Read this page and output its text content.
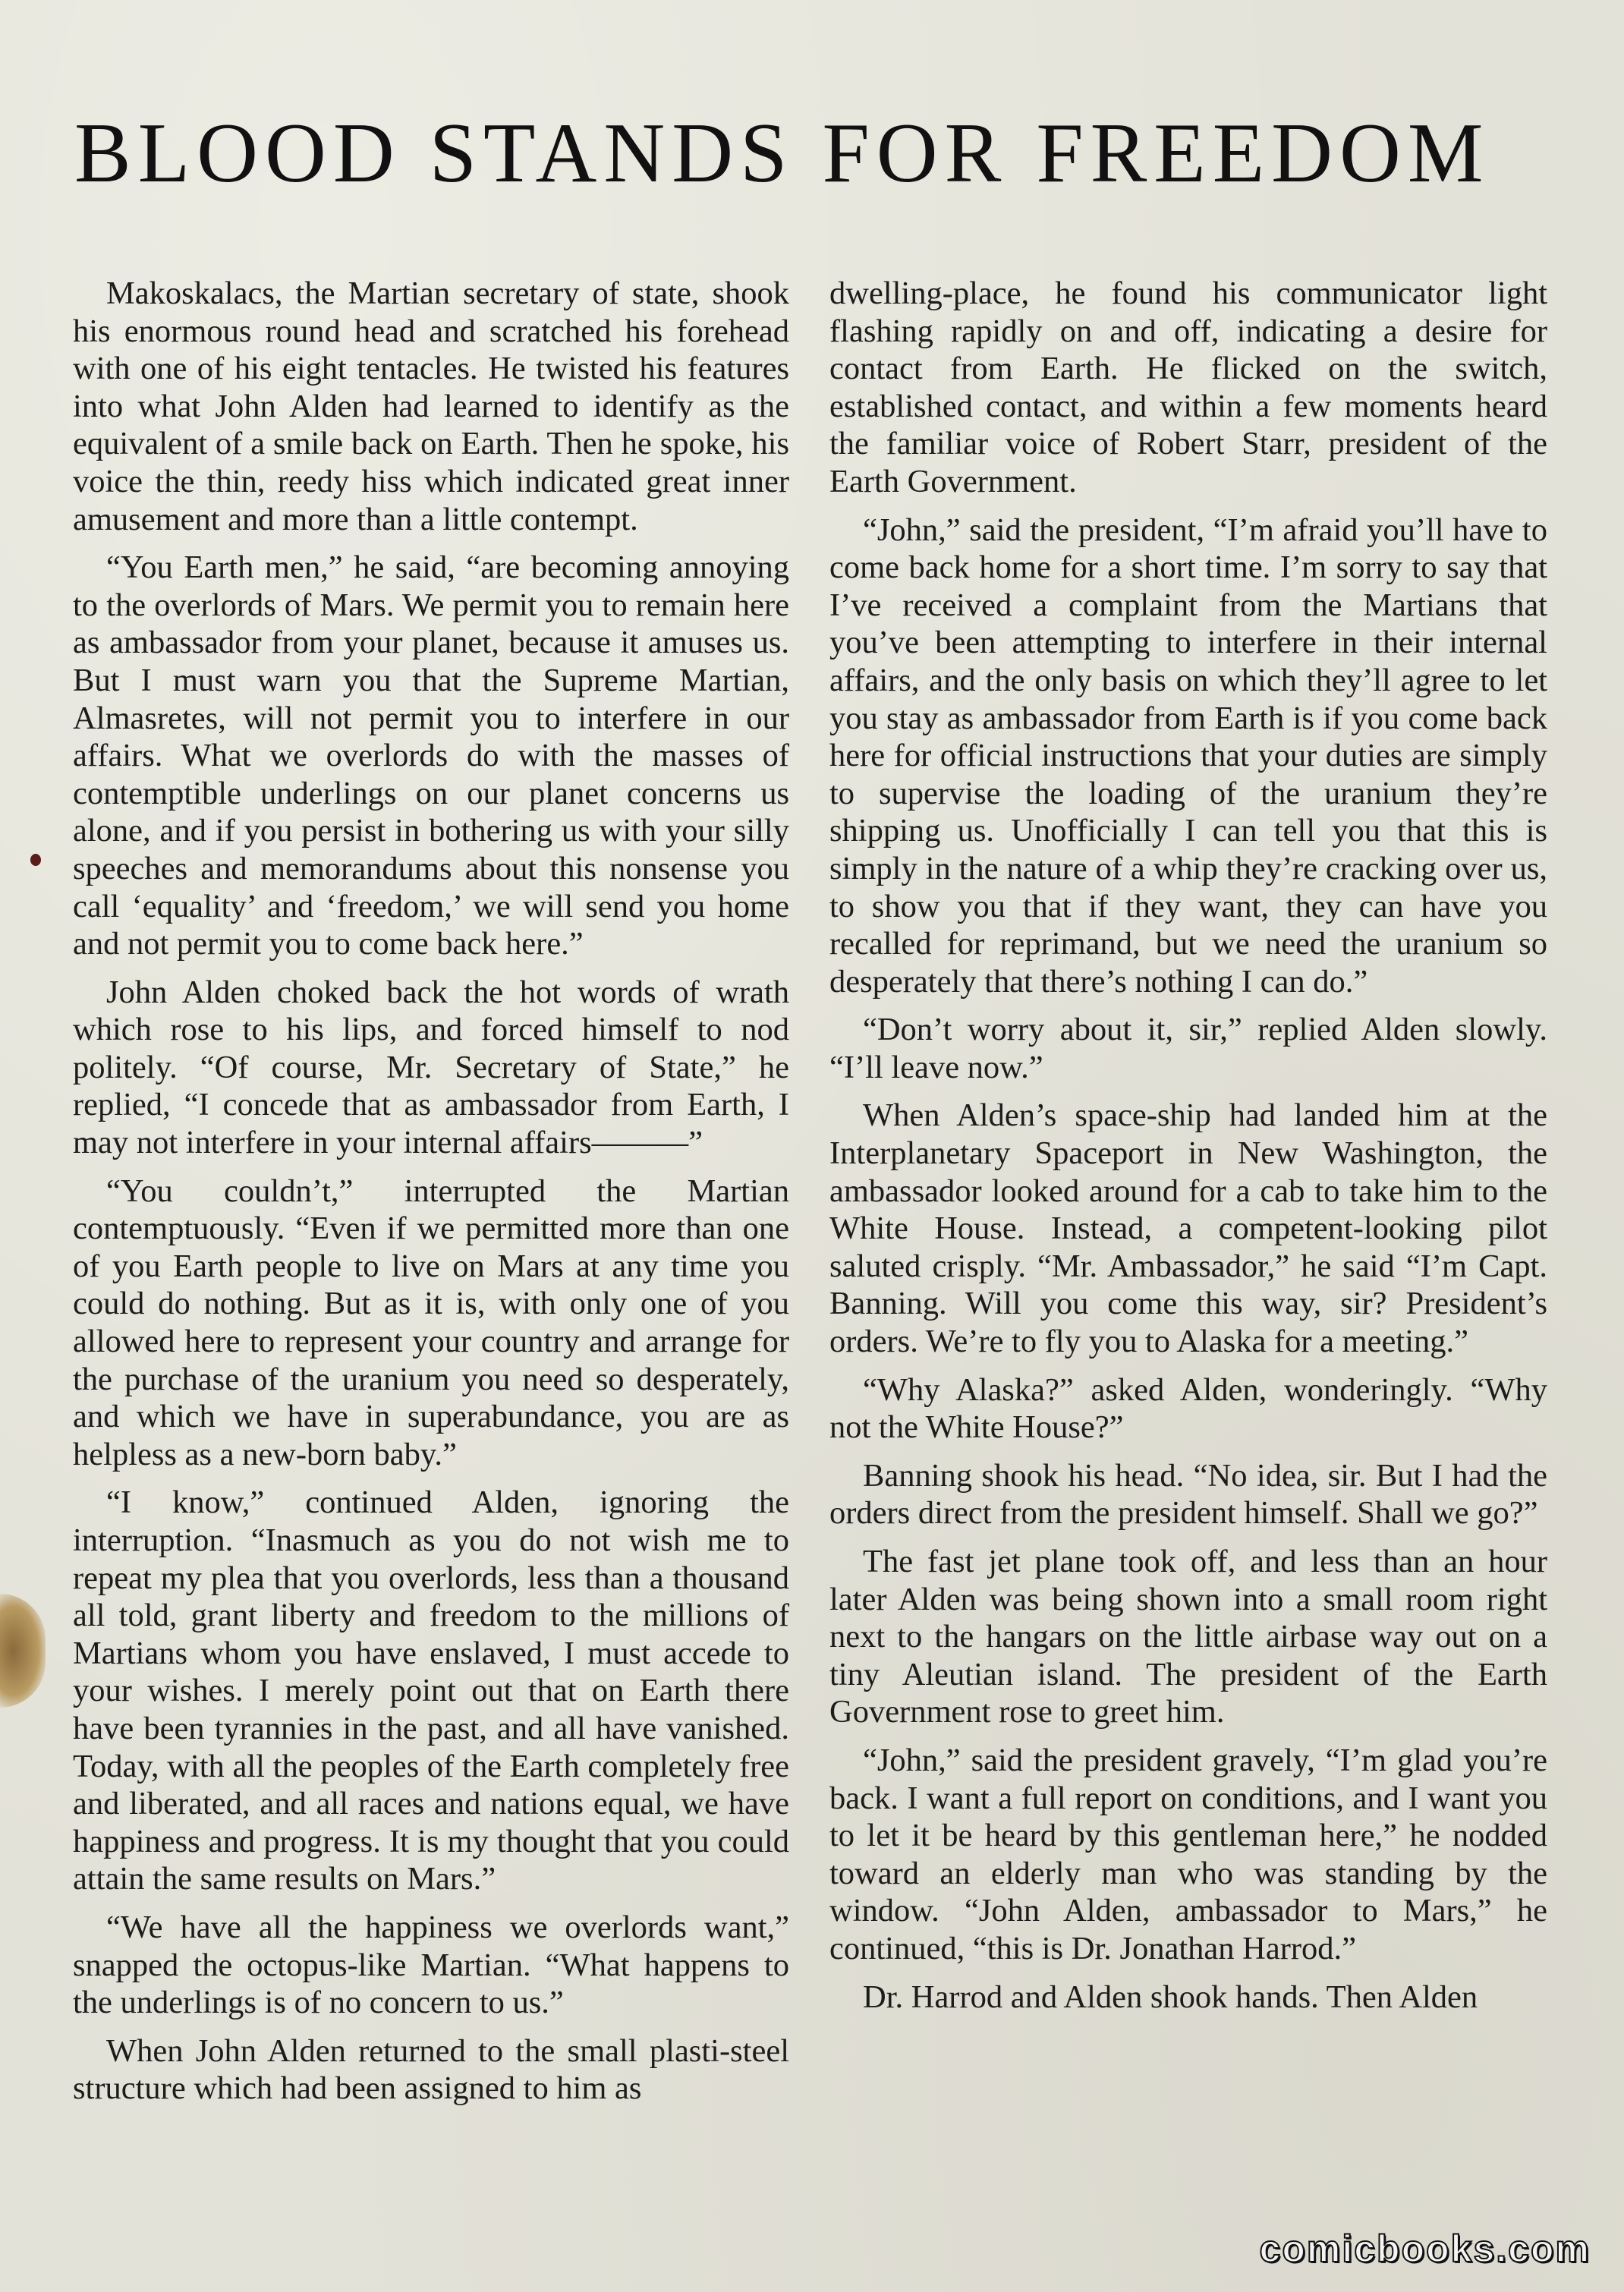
BLOOD STANDS FOR FREEDOM

Makoskalacs, the Martian secretary of state, shook his enormous round head and scratched his forehead with one of his eight tentacles. He twisted his features into what John Alden had learned to identify as the equivalent of a smile back on Earth. Then he spoke, his voice the thin, reedy hiss which indicated great inner amusement and more than a little contempt.

“You Earth men,” he said, “are becoming annoying to the overlords of Mars. We permit you to remain here as ambassador from your planet, because it amuses us. But I must warn you that the Supreme Martian, Almasretes, will not permit you to interfere in our affairs. What we overlords do with the masses of contemptible underlings on our planet concerns us alone, and if you persist in bothering us with your silly speeches and memorandums about this nonsense you call ‘equality’ and ‘freedom,’ we will send you home and not permit you to come back here.”

John Alden choked back the hot words of wrath which rose to his lips, and forced himself to nod politely. “Of course, Mr. Secretary of State,” he replied, “I concede that as ambassador from Earth, I may not interfere in your internal affairs———”

“You couldn’t,” interrupted the Martian contemptuously. “Even if we permitted more than one of you Earth people to live on Mars at any time you could do nothing. But as it is, with only one of you allowed here to represent your country and arrange for the purchase of the uranium you need so desperately, and which we have in superabundance, you are as helpless as a new-born baby.”

“I know,” continued Alden, ignoring the interruption. “Inasmuch as you do not wish me to repeat my plea that you overlords, less than a thousand all told, grant liberty and freedom to the millions of Martians whom you have enslaved, I must accede to your wishes. I merely point out that on Earth there have been tyrannies in the past, and all have vanished. Today, with all the peoples of the Earth completely free and liberated, and all races and nations equal, we have happiness and progress. It is my thought that you could attain the same results on Mars.”

“We have all the happiness we overlords want,” snapped the octopus-like Martian. “What happens to the underlings is of no concern to us.”

When John Alden returned to the small plasti-steel structure which had been assigned to him as

dwelling-place, he found his communicator light flashing rapidly on and off, indicating a desire for contact from Earth. He flicked on the switch, established contact, and within a few moments heard the familiar voice of Robert Starr, president of the Earth Government.

“John,” said the president, “I’m afraid you’ll have to come back home for a short time. I’m sorry to say that I’ve received a complaint from the Martians that you’ve been attempting to interfere in their internal affairs, and the only basis on which they’ll agree to let you stay as ambassador from Earth is if you come back here for official instructions that your duties are simply to supervise the loading of the uranium they’re shipping us. Unofficially I can tell you that this is simply in the nature of a whip they’re cracking over us, to show you that if they want, they can have you recalled for reprimand, but we need the uranium so desperately that there’s nothing I can do.”

“Don’t worry about it, sir,” replied Alden slowly. “I’ll leave now.”

When Alden’s space-ship had landed him at the Interplanetary Spaceport in New Washington, the ambassador looked around for a cab to take him to the White House. Instead, a competent-looking pilot saluted crisply. “Mr. Ambassador,” he said “I’m Capt. Banning. Will you come this way, sir? President’s orders. We’re to fly you to Alaska for a meeting.”

“Why Alaska?” asked Alden, wonderingly. “Why not the White House?”

Banning shook his head. “No idea, sir. But I had the orders direct from the president himself. Shall we go?”

The fast jet plane took off, and less than an hour later Alden was being shown into a small room right next to the hangars on the little airbase way out on a tiny Aleutian island. The president of the Earth Government rose to greet him.

“John,” said the president gravely, “I’m glad you’re back. I want a full report on conditions, and I want you to let it be heard by this gentleman here,” he nodded toward an elderly man who was standing by the window. “John Alden, ambassador to Mars,” he continued, “this is Dr. Jonathan Harrod.”

Dr. Harrod and Alden shook hands. Then Alden

comicbooks.com
